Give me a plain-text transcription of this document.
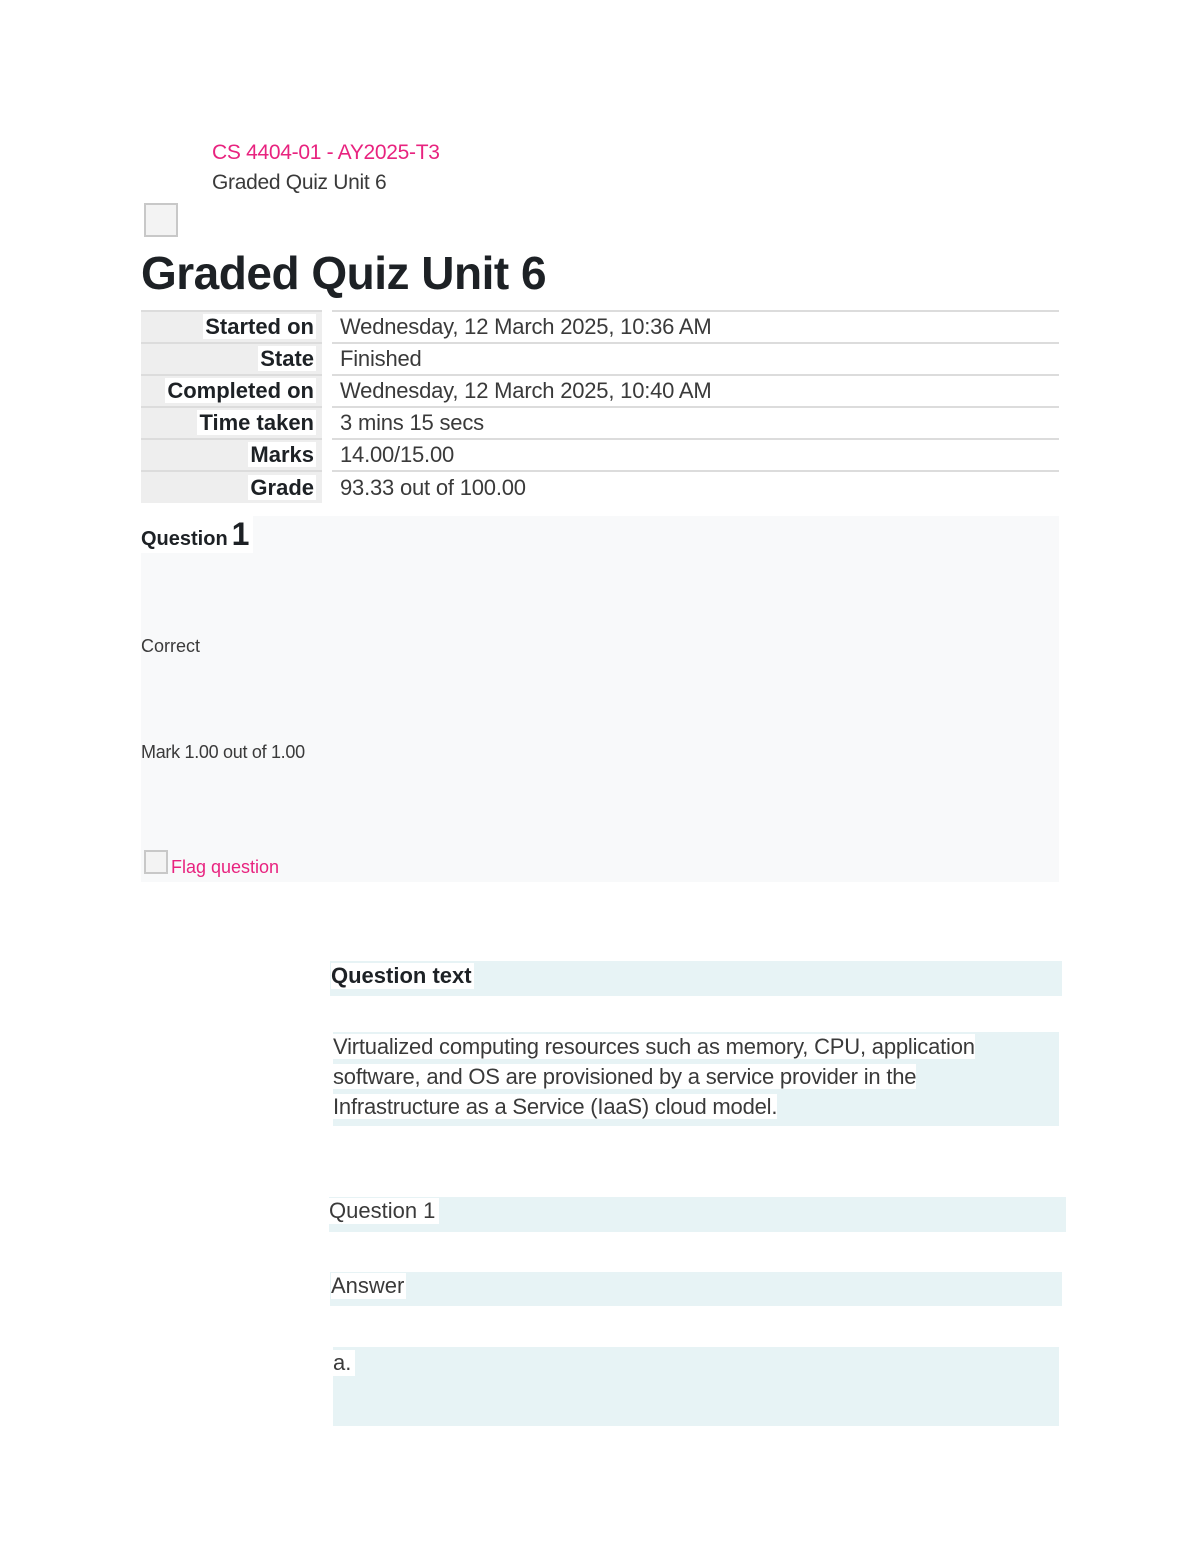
CS 4404-01 - AY2025-T3
Graded Quiz Unit 6
Graded Quiz Unit 6
Started on	Wednesday, 12 March 2025, 10:36 AM
State	Finished
Completed on	Wednesday, 12 March 2025, 10:40 AM
Time taken	3 mins 15 secs
Marks	14.00/15.00
Grade	93.33 out of 100.00
Question 1
Correct
Mark 1.00 out of 1.00
Flag question
Question text
Virtualized computing resources such as memory, CPU, application software, and OS are provisioned by a service provider in the Infrastructure as a Service (IaaS) cloud model.
Question 1
Answer
a.
